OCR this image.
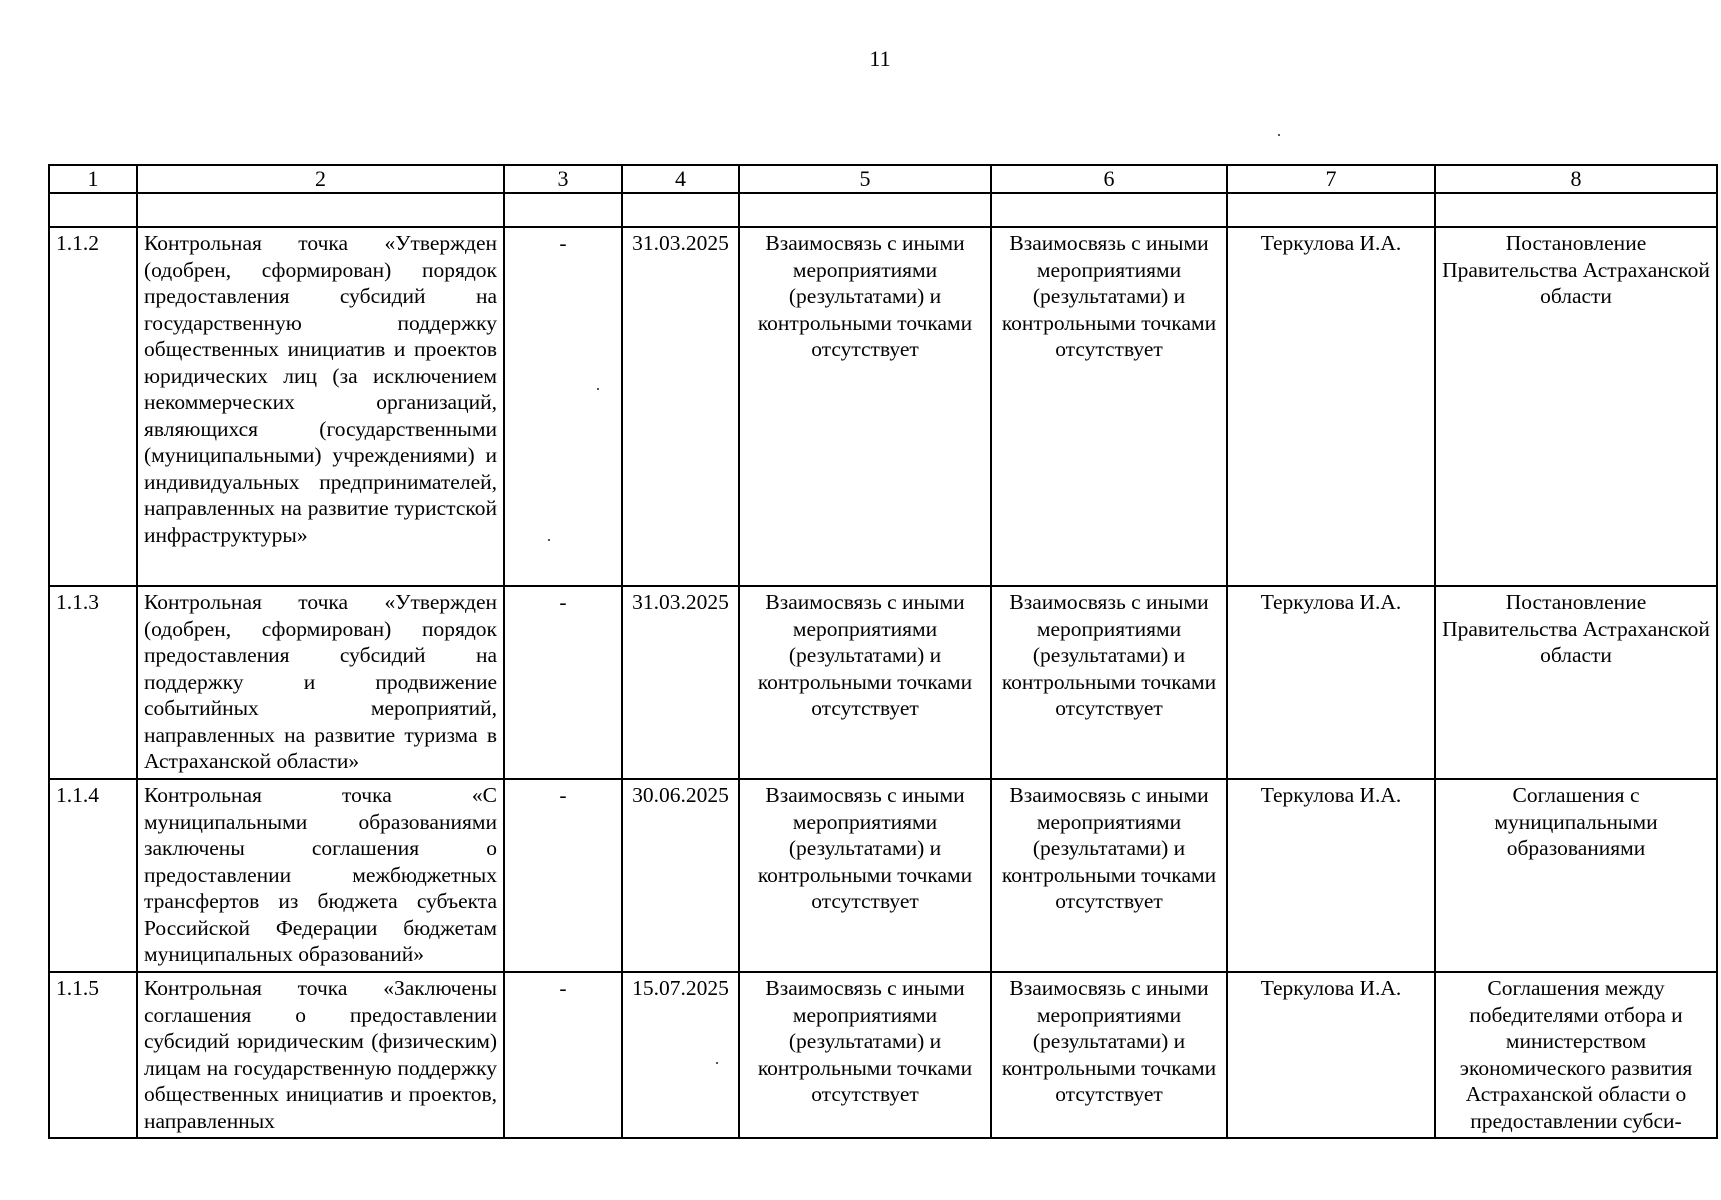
11
1	2	3	4	5	6	7	8

1.1.2	Контрольная точка «Утвержден (одобрен, сформирован) порядок предоставления субсидий на государственную поддержку общественных инициатив и проектов юридических лиц (за исключением некоммерческих организаций, являющихся (государственными (муниципальными) учреждениями) и индивидуальных предпринимателей, направленных на развитие туристской инфраструктуры»	-	31.03.2025	Взаимосвязь с иными мероприятиями (результатами) и контрольными точками отсутствует	Взаимосвязь с иными мероприятиями (результатами) и контрольными точками отсутствует	Теркулова И.А.	Постановление Правительства Астраханской области
1.1.3	Контрольная точка «Утвержден (одобрен, сформирован) порядок предоставления субсидий на поддержку и продвижение событийных мероприятий, направленных на развитие туризма в Астраханской области»	-	31.03.2025	Взаимосвязь с иными мероприятиями (результатами) и контрольными точками отсутствует	Взаимосвязь с иными мероприятиями (результатами) и контрольными точками отсутствует	Теркулова И.А.	Постановление Правительства Астраханской области
1.1.4	Контрольная точка «С муниципальными образованиями заключены соглашения о предоставлении межбюджетных трансфертов из бюджета субъекта Российской Федерации бюджетам муниципальных образований»	-	30.06.2025	Взаимосвязь с иными мероприятиями (результатами) и контрольными точками отсутствует	Взаимосвязь с иными мероприятиями (результатами) и контрольными точками отсутствует	Теркулова И.А.	Соглашения с муниципальными образованиями
1.1.5	Контрольная точка «Заключены соглашения о предоставлении субсидий юридическим (физическим) лицам на государственную поддержку общественных инициатив и проектов, направленных	-	15.07.2025	Взаимосвязь с иными мероприятиями (результатами) и контрольными точками отсутствует	Взаимосвязь с иными мероприятиями (результатами) и контрольными точками отсутствует	Теркулова И.А.	Соглашения между победителями отбора и министерством экономического развития Астраханской области о предоставлении субси-
